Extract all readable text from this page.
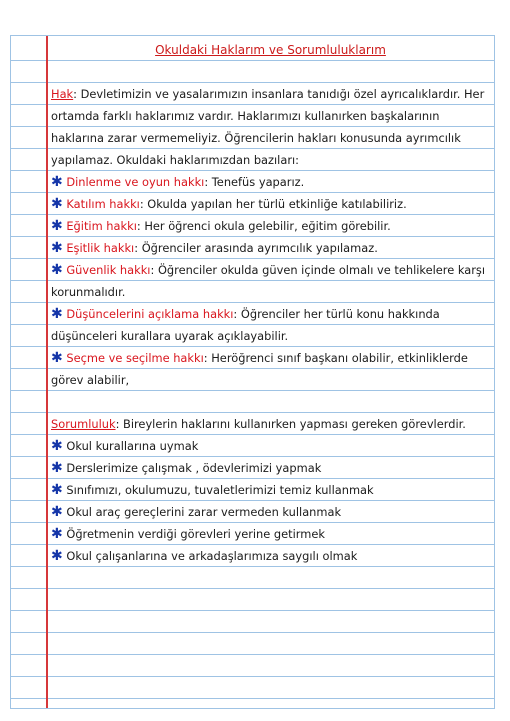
Okuldaki Haklarım ve Sorumluluklarım
Hak: Devletimizin ve yasalarımızın insanlara tanıdığı özel ayrıcalıklardır. Her
ortamda farklı haklarımız vardır. Haklarımızı kullanırken başkalarının
haklarına zarar vermemeliyiz. Öğrencilerin hakları konusunda ayrımcılık
yapılamaz. Okuldaki haklarımızdan bazıları:
✱ Dinlenme ve oyun hakkı: Tenefüs yaparız.
✱ Katılım hakkı: Okulda yapılan her türlü etkinliğe katılabiliriz.
✱ Eğitim hakkı: Her öğrenci okula gelebilir, eğitim görebilir.
✱ Eşitlik hakkı: Öğrenciler arasında ayrımcılık yapılamaz.
✱ Güvenlik hakkı: Öğrenciler okulda güven içinde olmalı ve tehlikelere karşı
korunmalıdır.
✱ Düşüncelerini açıklama hakkı: Öğrenciler her türlü konu hakkında
düşünceleri kurallara uyarak açıklayabilir.
✱ Seçme ve seçilme hakkı: Heröğrenci sınıf başkanı olabilir, etkinliklerde
görev alabilir,
Sorumluluk: Bireylerin haklarını kullanırken yapması gereken görevlerdir.
✱ Okul kurallarına uymak
✱ Derslerimize çalışmak , ödevlerimizi yapmak
✱ Sınıfımızı, okulumuzu, tuvaletlerimizi temiz kullanmak
✱ Okul araç gereçlerini zarar vermeden kullanmak
✱ Öğretmenin verdiği görevleri yerine getirmek
✱ Okul çalışanlarına ve arkadaşlarımıza saygılı olmak
